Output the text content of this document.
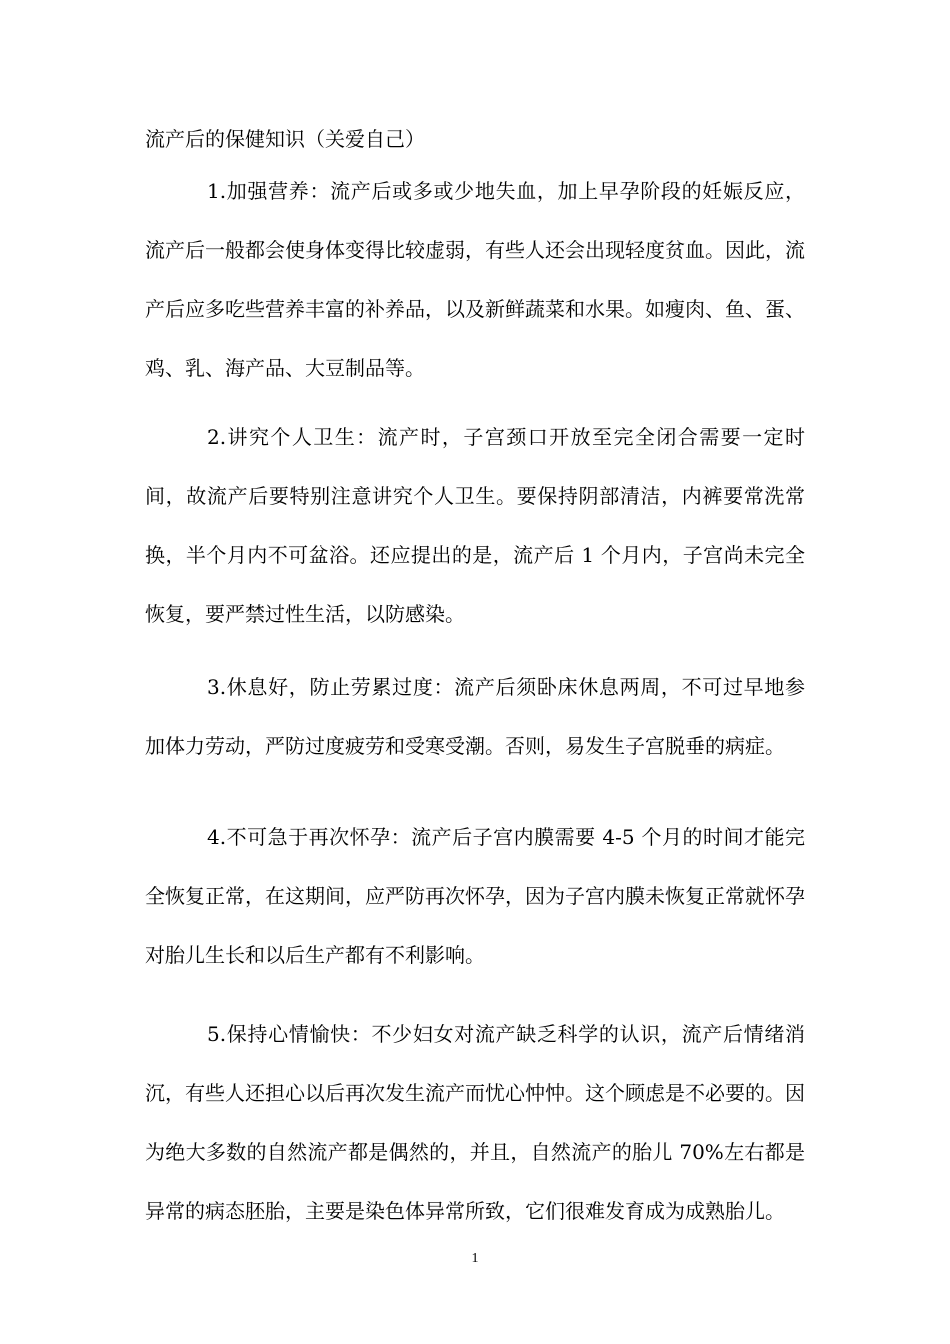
流产后的保健知识（关爱自己）

1.加强营养：流产后或多或少地失血，加上早孕阶段的妊娠反应，流产后一般都会使身体变得比较虚弱，有些人还会出现轻度贫血。因此，流产后应多吃些营养丰富的补养品，以及新鲜蔬菜和水果。如瘦肉、鱼、蛋、鸡、乳、海产品、大豆制品等。

2.讲究个人卫生：流产时，子宫颈口开放至完全闭合需要一定时间，故流产后要特别注意讲究个人卫生。要保持阴部清洁，内裤要常洗常换，半个月内不可盆浴。还应提出的是，流产后 1 个月内，子宫尚未完全恢复，要严禁过性生活，以防感染。

3.休息好，防止劳累过度：流产后须卧床休息两周，不可过早地参加体力劳动，严防过度疲劳和受寒受潮。否则，易发生子宫脱垂的病症。

4.不可急于再次怀孕：流产后子宫内膜需要 4-5 个月的时间才能完全恢复正常，在这期间，应严防再次怀孕，因为子宫内膜未恢复正常就怀孕对胎儿生长和以后生产都有不利影响。

5.保持心情愉快：不少妇女对流产缺乏科学的认识，流产后情绪消沉，有些人还担心以后再次发生流产而忧心忡忡。这个顾虑是不必要的。因为绝大多数的自然流产都是偶然的，并且，自然流产的胎儿 70%左右都是异常的病态胚胎，主要是染色体异常所致，它们很难发育成为成熟胎儿。

1
